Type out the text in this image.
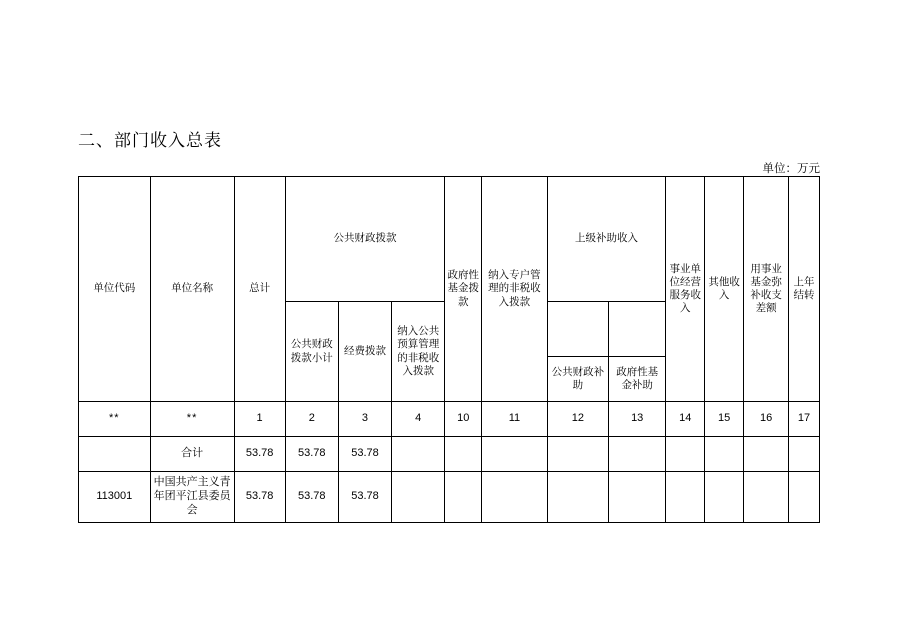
二、部门收入总表
单位：万元
单位代码	单位名称	总计	公共财政拨款			政府性基金拨款	纳入专户管理的非税收入拨款	上级补助收入		事业单位经营服务收入	其他收入	用事业基金弥补收支差额	上年结转
			公共财政拨款小计	经费拨款	纳入公共预算管理的非税收入拨款								
								公共财政补助	政府性基金补助				
**	**	1	2	3	4	10	11	12	13	14	15	16	17
	合计	53.78	53.78	53.78									
113001	中国共产主义青年团平江县委员会	53.78	53.78	53.78									
